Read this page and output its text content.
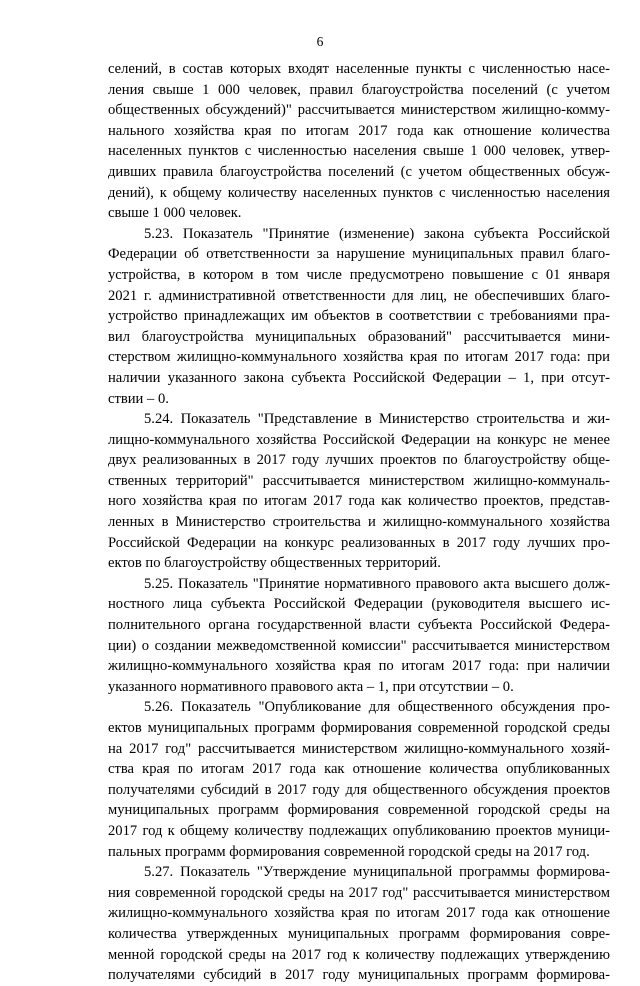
6
селений, в состав которых входят населенные пункты с численностью насе-
ления свыше 1 000 человек, правил благоустройства поселений (с учетом
общественных обсуждений)" рассчитывается министерством жилищно-комму-
нального хозяйства края по итогам 2017 года как отношение количества
населенных пунктов с численностью населения свыше 1 000 человек, утвер-
дивших правила благоустройства поселений (с учетом общественных обсуж-
дений), к общему количеству населенных пунктов с численностью населения
свыше 1 000 человек.
5.23. Показатель "Принятие (изменение) закона субъекта Российской
Федерации об ответственности за нарушение муниципальных правил благо-
устройства, в котором в том числе предусмотрено повышение с 01 января
2021 г. административной ответственности для лиц, не обеспечивших благо-
устройство принадлежащих им объектов в соответствии с требованиями пра-
вил благоустройства муниципальных образований" рассчитывается мини-
стерством жилищно-коммунального хозяйства края по итогам 2017 года: при
наличии указанного закона субъекта Российской Федерации – 1, при отсут-
ствии – 0.
5.24. Показатель "Представление в Министерство строительства и жи-
лищно-коммунального хозяйства Российской Федерации на конкурс не менее
двух реализованных в 2017 году лучших проектов по благоустройству обще-
ственных территорий" рассчитывается министерством жилищно-коммуналь-
ного хозяйства края по итогам 2017 года как количество проектов, представ-
ленных в Министерство строительства и жилищно-коммунального хозяйства
Российской Федерации на конкурс реализованных в 2017 году лучших про-
ектов по благоустройству общественных территорий.
5.25. Показатель "Принятие нормативного правового акта высшего долж-
ностного лица субъекта Российской Федерации (руководителя высшего ис-
полнительного органа государственной власти субъекта Российской Федера-
ции) о создании межведомственной комиссии" рассчитывается министерством
жилищно-коммунального хозяйства края по итогам 2017 года: при наличии
указанного нормативного правового акта – 1, при отсутствии – 0.
5.26. Показатель "Опубликование для общественного обсуждения про-
ектов муниципальных программ формирования современной городской среды
на 2017 год" рассчитывается министерством жилищно-коммунального хозяй-
ства края по итогам 2017 года как отношение количества опубликованных
получателями субсидий в 2017 году для общественного обсуждения проектов
муниципальных программ формирования современной городской среды на
2017 год к общему количеству подлежащих опубликованию проектов муници-
пальных программ формирования современной городской среды на 2017 год.
5.27. Показатель "Утверждение муниципальной программы формирова-
ния современной городской среды на 2017 год" рассчитывается министерством
жилищно-коммунального хозяйства края по итогам 2017 года как отношение
количества утвержденных муниципальных программ формирования совре-
менной городской среды на 2017 год к количеству подлежащих утверждению
получателями субсидий в 2017 году муниципальных программ формирова-
